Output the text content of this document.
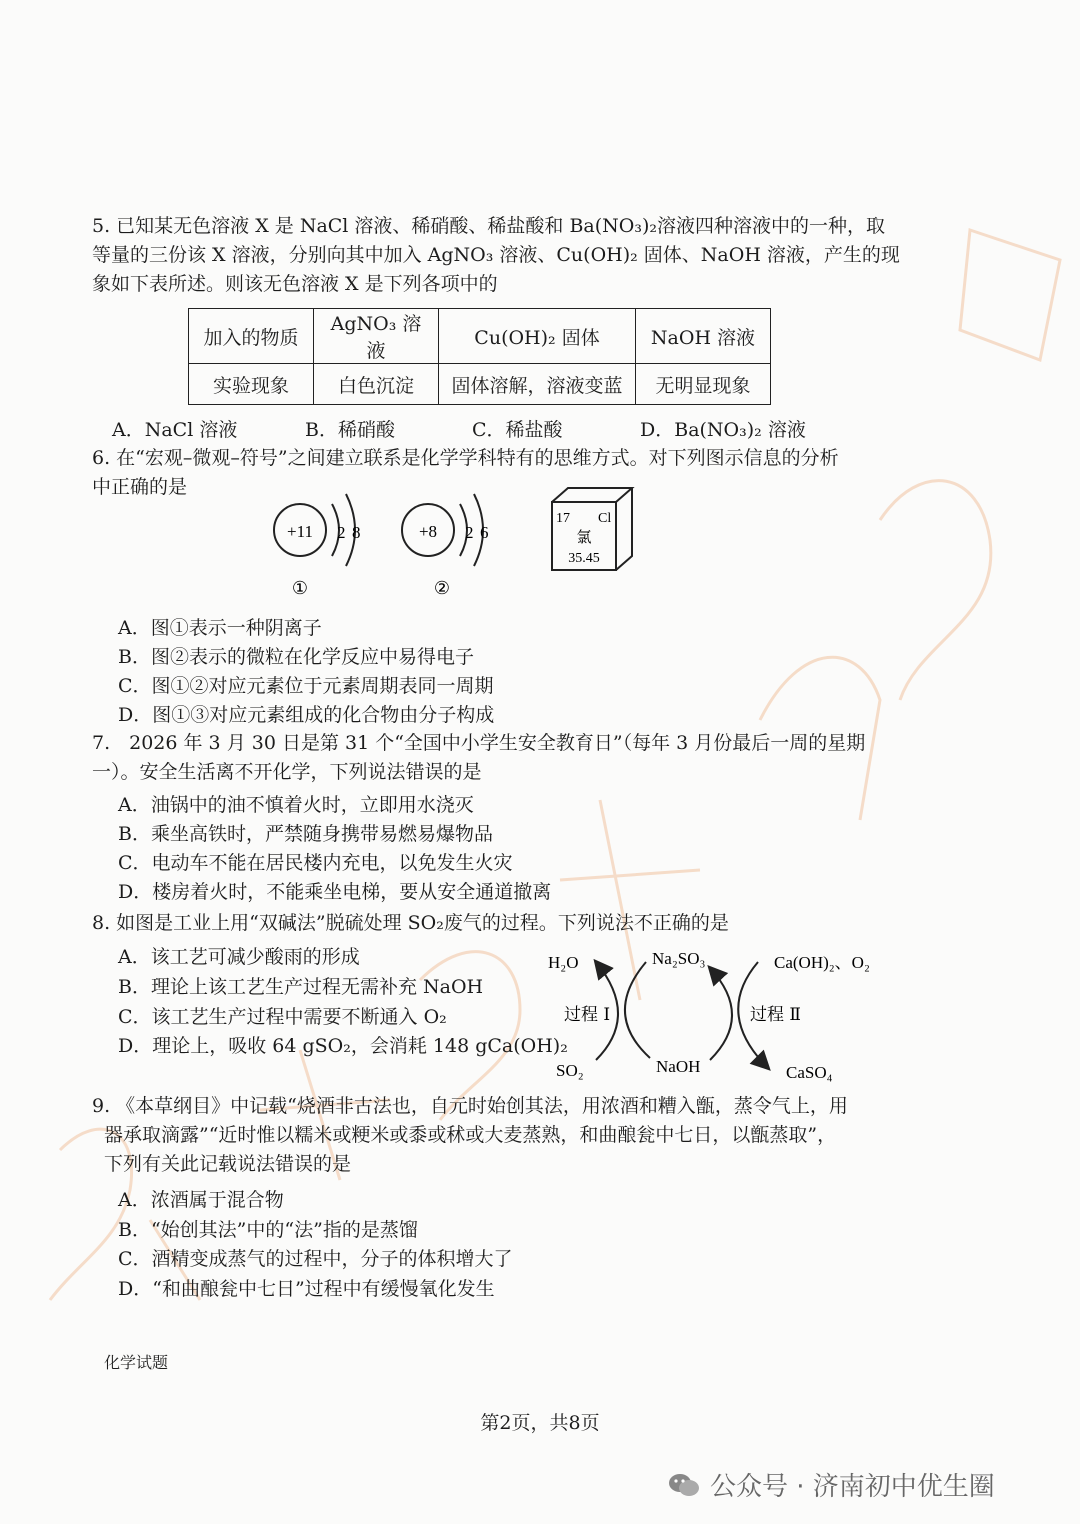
5. 已知某无色溶液 X 是 NaCl 溶液、稀硝酸、稀盐酸和 Ba(NO₃)₂溶液四种溶液中的一种，取
等量的三份该 X 溶液，分别向其中加入 AgNO₃ 溶液、Cu(OH)₂ 固体、NaOH 溶液，产生的现
象如下表所述。则该无色溶液 X 是下列各项中的
加入的物质	AgNO₃ 溶液	Cu(OH)₂ 固体	NaOH 溶液
实验现象	白色沉淀	固体溶解，溶液变蓝	无明显现象
A．NaCl 溶液	B．稀硝酸	C．稀盐酸	D．Ba(NO₃)₂ 溶液
6. 在“宏观–微观–符号”之间建立联系是化学学科特有的思维方式。对下列图示信息的分析
中正确的是
+11 2 8
①
+8 2 6
②
17 Cl
氯
35.45
A．图①表示一种阴离子
B．图②表示的微粒在化学反应中易得电子
C．图①②对应元素位于元素周期表同一周期
D．图①③对应元素组成的化合物由分子构成
7.　2026 年 3 月 30 日是第 31 个“全国中小学生安全教育日”（每年 3 月份最后一周的星期
一）。安全生活离不开化学，下列说法错误的是
A．油锅中的油不慎着火时，立即用水浇灭
B．乘坐高铁时，严禁随身携带易燃易爆物品
C．电动车不能在居民楼内充电，以免发生火灾
D．楼房着火时，不能乘坐电梯，要从安全通道撤离
8. 如图是工业上用“双碱法”脱硫处理 SO₂废气的过程。下列说法不正确的是
A．该工艺可减少酸雨的形成
B．理论上该工艺生产过程无需补充 NaOH
C．该工艺生产过程中需要不断通入 O₂
D．理论上，吸收 64 gSO₂，会消耗 148 gCa(OH)₂
H₂O	Na₂SO₃	Ca(OH)₂、O₂
过程 Ⅰ	过程 Ⅱ
SO₂	NaOH	CaSO₄
9. 《本草纲目》中记载“烧酒非古法也，自元时始创其法，用浓酒和糟入甑，蒸令气上，用
器承取滴露”“近时惟以糯米或粳米或黍或秫或大麦蒸熟，和曲酿瓮中七日，以甑蒸取”，
下列有关此记载说法错误的是
A．浓酒属于混合物
B．“始创其法”中的“法”指的是蒸馏
C．酒精变成蒸气的过程中，分子的体积增大了
D．“和曲酿瓮中七日”过程中有缓慢氧化发生
化学试题
第2页，共8页
公众号 · 济南初中优生圈
